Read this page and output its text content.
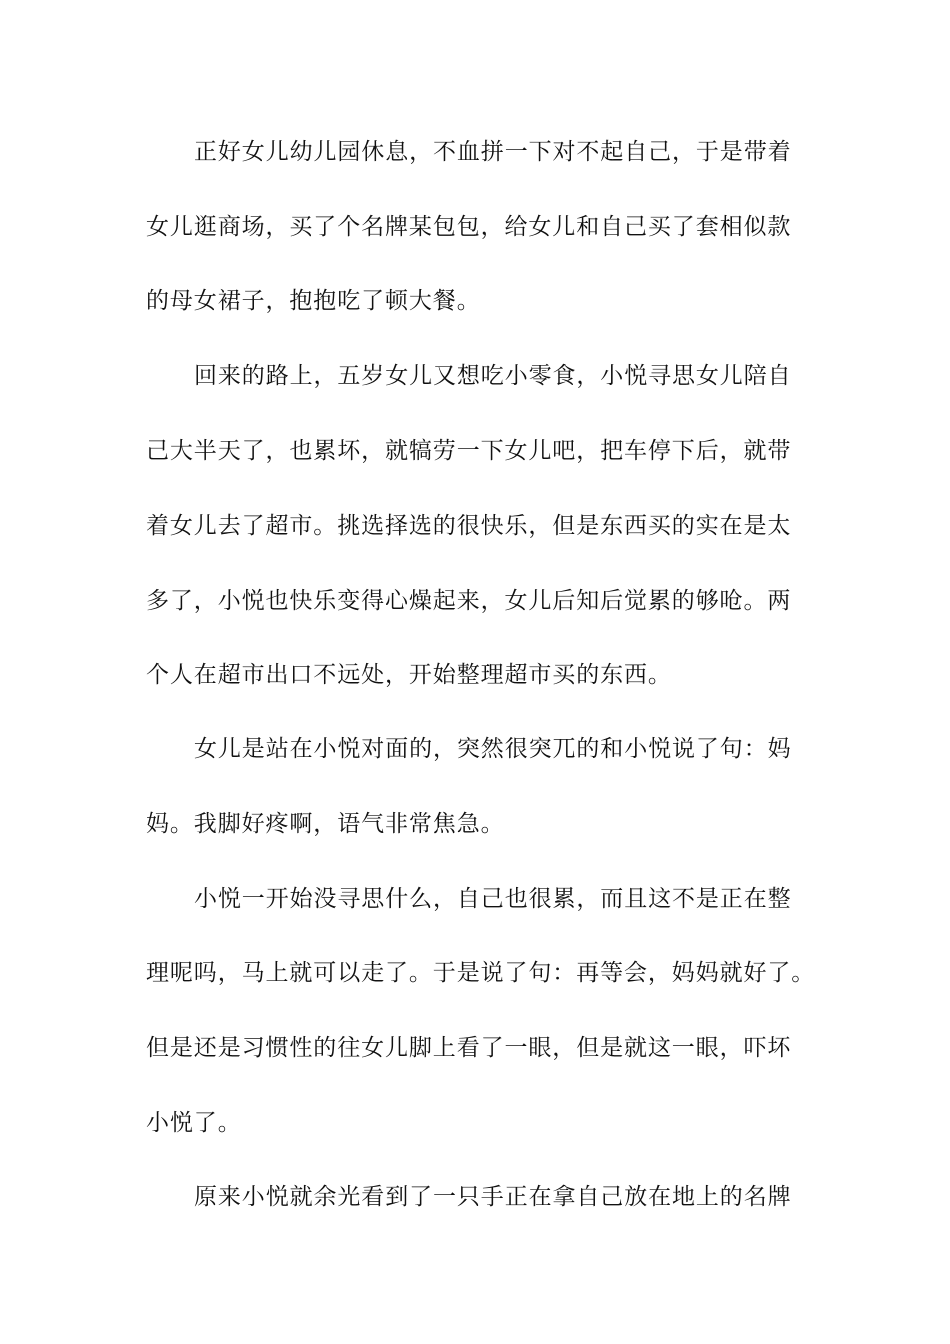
正好女儿幼儿园休息，不血拼一下对不起自己，于是带着
女儿逛商场，买了个名牌某包包，给女儿和自己买了套相似款
的母女裙子，抱抱吃了顿大餐。
回来的路上，五岁女儿又想吃小零食，小悦寻思女儿陪自
己大半天了，也累坏，就犒劳一下女儿吧，把车停下后，就带
着女儿去了超市。挑选择选的很快乐，但是东西买的实在是太
多了，小悦也快乐变得心燥起来，女儿后知后觉累的够呛。两
个人在超市出口不远处，开始整理超市买的东西。
女儿是站在小悦对面的，突然很突兀的和小悦说了句：妈
妈。我脚好疼啊，语气非常焦急。
小悦一开始没寻思什么，自己也很累，而且这不是正在整
理呢吗，马上就可以走了。于是说了句：再等会，妈妈就好了。
但是还是习惯性的往女儿脚上看了一眼，但是就这一眼，吓坏
小悦了。
原来小悦就余光看到了一只手正在拿自己放在地上的名牌
